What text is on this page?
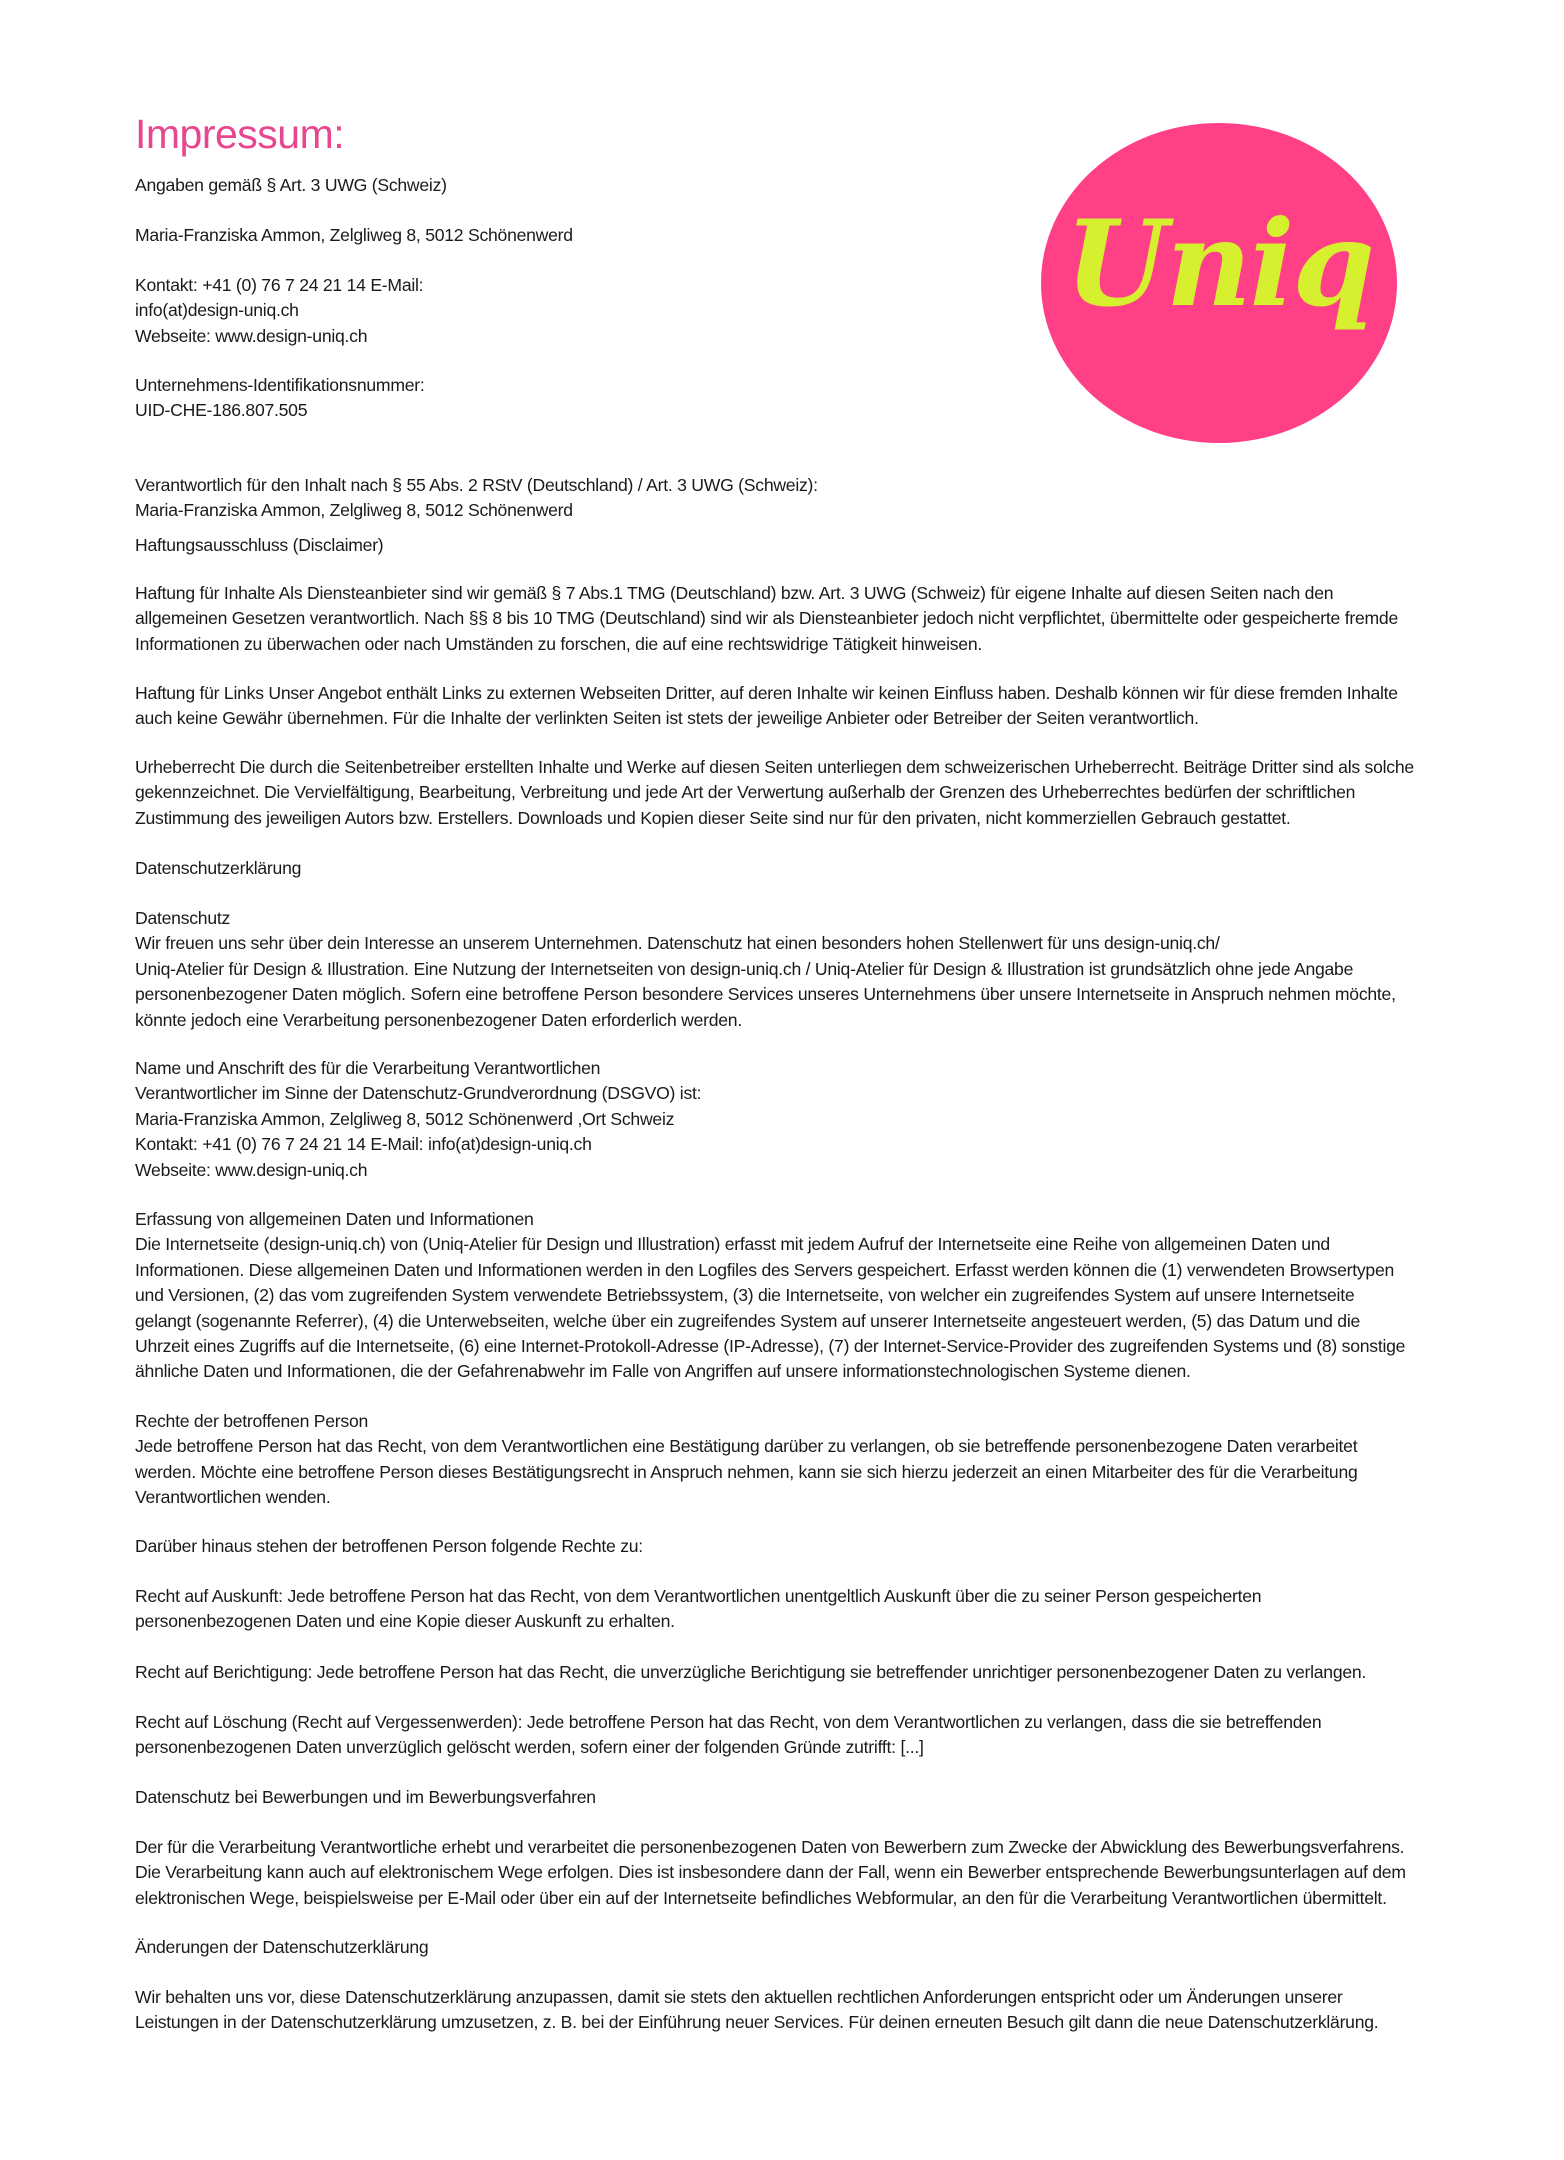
Impressum:
Uniq

Angaben gemäß § Art. 3 UWG (Schweiz)

Maria-Franziska Ammon, Zelgliweg 8, 5012 Schönenwerd

Kontakt: +41 (0) 76 7 24 21 14 E-Mail:
info(at)design-uniq.ch
Webseite: www.design-uniq.ch

Unternehmens-Identifikationsnummer:
UID-CHE-186.807.505

Verantwortlich für den Inhalt nach § 55 Abs. 2 RStV (Deutschland) / Art. 3 UWG (Schweiz):
Maria-Franziska Ammon, Zelgliweg 8, 5012 Schönenwerd

Haftungsausschluss (Disclaimer)

Haftung für Inhalte Als Diensteanbieter sind wir gemäß § 7 Abs.1 TMG (Deutschland) bzw. Art. 3 UWG (Schweiz) für eigene Inhalte auf diesen Seiten nach den
allgemeinen Gesetzen verantwortlich. Nach §§ 8 bis 10 TMG (Deutschland) sind wir als Diensteanbieter jedoch nicht verpflichtet, übermittelte oder gespeicherte fremde
Informationen zu überwachen oder nach Umständen zu forschen, die auf eine rechtswidrige Tätigkeit hinweisen.

Haftung für Links Unser Angebot enthält Links zu externen Webseiten Dritter, auf deren Inhalte wir keinen Einfluss haben. Deshalb können wir für diese fremden Inhalte
auch keine Gewähr übernehmen. Für die Inhalte der verlinkten Seiten ist stets der jeweilige Anbieter oder Betreiber der Seiten verantwortlich.

Urheberrecht Die durch die Seitenbetreiber erstellten Inhalte und Werke auf diesen Seiten unterliegen dem schweizerischen Urheberrecht. Beiträge Dritter sind als solche
gekennzeichnet. Die Vervielfältigung, Bearbeitung, Verbreitung und jede Art der Verwertung außerhalb der Grenzen des Urheberrechtes bedürfen der schriftlichen
Zustimmung des jeweiligen Autors bzw. Erstellers. Downloads und Kopien dieser Seite sind nur für den privaten, nicht kommerziellen Gebrauch gestattet.

Datenschutzerklärung

Datenschutz
Wir freuen uns sehr über dein Interesse an unserem Unternehmen. Datenschutz hat einen besonders hohen Stellenwert für uns design-uniq.ch/
Uniq-Atelier für Design & Illustration. Eine Nutzung der Internetseiten von design-uniq.ch / Uniq-Atelier für Design & Illustration ist grundsätzlich ohne jede Angabe
personenbezogener Daten möglich. Sofern eine betroffene Person besondere Services unseres Unternehmens über unsere Internetseite in Anspruch nehmen möchte,
könnte jedoch eine Verarbeitung personenbezogener Daten erforderlich werden.

Name und Anschrift des für die Verarbeitung Verantwortlichen
Verantwortlicher im Sinne der Datenschutz-Grundverordnung (DSGVO) ist:
Maria-Franziska Ammon, Zelgliweg 8, 5012 Schönenwerd ,Ort Schweiz
Kontakt: +41 (0) 76 7 24 21 14 E-Mail: info(at)design-uniq.ch
Webseite: www.design-uniq.ch

Erfassung von allgemeinen Daten und Informationen
Die Internetseite (design-uniq.ch) von (Uniq-Atelier für Design und Illustration) erfasst mit jedem Aufruf der Internetseite eine Reihe von allgemeinen Daten und
Informationen. Diese allgemeinen Daten und Informationen werden in den Logfiles des Servers gespeichert. Erfasst werden können die (1) verwendeten Browsertypen
und Versionen, (2) das vom zugreifenden System verwendete Betriebssystem, (3) die Internetseite, von welcher ein zugreifendes System auf unsere Internetseite
gelangt (sogenannte Referrer), (4) die Unterwebseiten, welche über ein zugreifendes System auf unserer Internetseite angesteuert werden, (5) das Datum und die
Uhrzeit eines Zugriffs auf die Internetseite, (6) eine Internet-Protokoll-Adresse (IP-Adresse), (7) der Internet-Service-Provider des zugreifenden Systems und (8) sonstige
ähnliche Daten und Informationen, die der Gefahrenabwehr im Falle von Angriffen auf unsere informationstechnologischen Systeme dienen.

Rechte der betroffenen Person
Jede betroffene Person hat das Recht, von dem Verantwortlichen eine Bestätigung darüber zu verlangen, ob sie betreffende personenbezogene Daten verarbeitet
werden. Möchte eine betroffene Person dieses Bestätigungsrecht in Anspruch nehmen, kann sie sich hierzu jederzeit an einen Mitarbeiter des für die Verarbeitung
Verantwortlichen wenden.

Darüber hinaus stehen der betroffenen Person folgende Rechte zu:

Recht auf Auskunft: Jede betroffene Person hat das Recht, von dem Verantwortlichen unentgeltlich Auskunft über die zu seiner Person gespeicherten
personenbezogenen Daten und eine Kopie dieser Auskunft zu erhalten.

Recht auf Berichtigung: Jede betroffene Person hat das Recht, die unverzügliche Berichtigung sie betreffender unrichtiger personenbezogener Daten zu verlangen.

Recht auf Löschung (Recht auf Vergessenwerden): Jede betroffene Person hat das Recht, von dem Verantwortlichen zu verlangen, dass die sie betreffenden
personenbezogenen Daten unverzüglich gelöscht werden, sofern einer der folgenden Gründe zutrifft: [...]

Datenschutz bei Bewerbungen und im Bewerbungsverfahren

Der für die Verarbeitung Verantwortliche erhebt und verarbeitet die personenbezogenen Daten von Bewerbern zum Zwecke der Abwicklung des Bewerbungsverfahrens.
Die Verarbeitung kann auch auf elektronischem Wege erfolgen. Dies ist insbesondere dann der Fall, wenn ein Bewerber entsprechende Bewerbungsunterlagen auf dem
elektronischen Wege, beispielsweise per E-Mail oder über ein auf der Internetseite befindliches Webformular, an den für die Verarbeitung Verantwortlichen übermittelt.

Änderungen der Datenschutzerklärung

Wir behalten uns vor, diese Datenschutzerklärung anzupassen, damit sie stets den aktuellen rechtlichen Anforderungen entspricht oder um Änderungen unserer
Leistungen in der Datenschutzerklärung umzusetzen, z. B. bei der Einführung neuer Services. Für deinen erneuten Besuch gilt dann die neue Datenschutzerklärung.
